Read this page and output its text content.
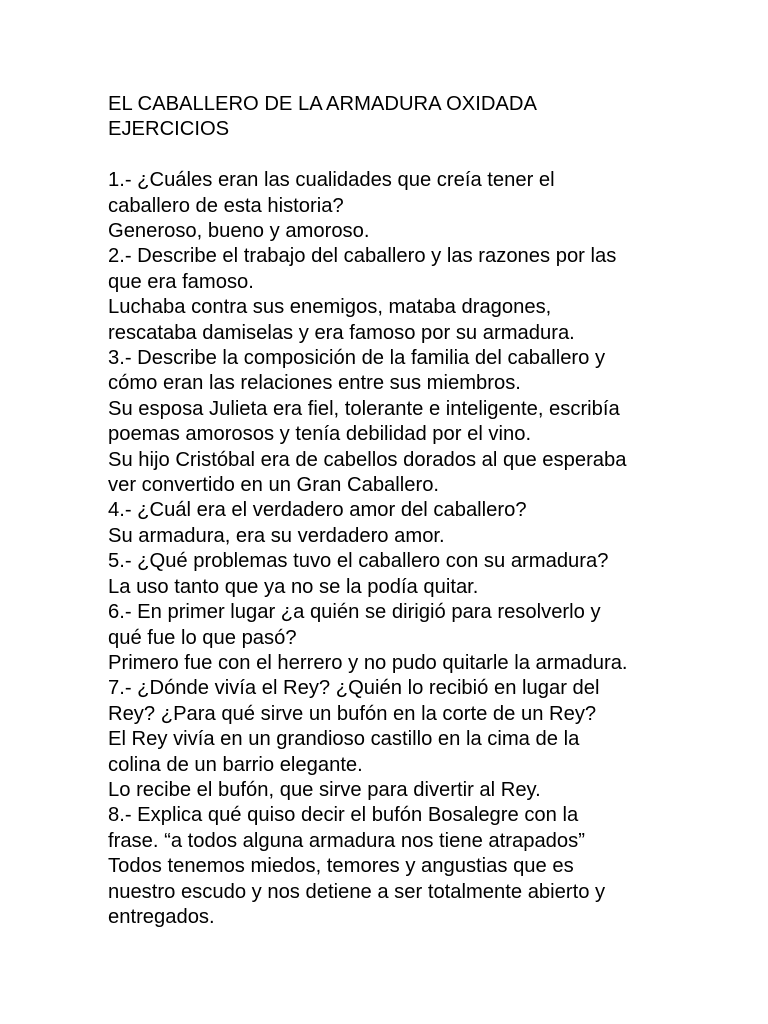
EL CABALLERO DE LA ARMADURA OXIDADA
EJERCICIOS
1.- ¿Cuáles eran las cualidades que creía tener el
caballero de esta historia?
Generoso, bueno y amoroso.
2.- Describe el trabajo del caballero y las razones por las
que era famoso.
Luchaba contra sus enemigos, mataba dragones,
rescataba damiselas y era famoso por su armadura.
3.- Describe la composición de la familia del caballero y
cómo eran las relaciones entre sus miembros.
Su esposa Julieta era fiel, tolerante e inteligente, escribía
poemas amorosos y tenía debilidad por el vino.
Su hijo Cristóbal era de cabellos dorados al que esperaba
ver convertido en un Gran Caballero.
4.- ¿Cuál era el verdadero amor del caballero?
Su armadura, era su verdadero amor.
5.- ¿Qué problemas tuvo el caballero con su armadura?
La uso tanto que ya no se la podía quitar.
6.- En primer lugar ¿a quién se dirigió para resolverlo y
qué fue lo que pasó?
Primero fue con el herrero y no pudo quitarle la armadura.
7.- ¿Dónde vivía el Rey? ¿Quién lo recibió en lugar del
Rey? ¿Para qué sirve un bufón en la corte de un Rey?
El Rey vivía en un grandioso castillo en la cima de la
colina de un barrio elegante.
Lo recibe el bufón, que sirve para divertir al Rey.
8.- Explica qué quiso decir el bufón Bosalegre con la
frase. “a todos alguna armadura nos tiene atrapados”
Todos tenemos miedos, temores y angustias que es
nuestro escudo y nos detiene a ser totalmente abierto y
entregados.
